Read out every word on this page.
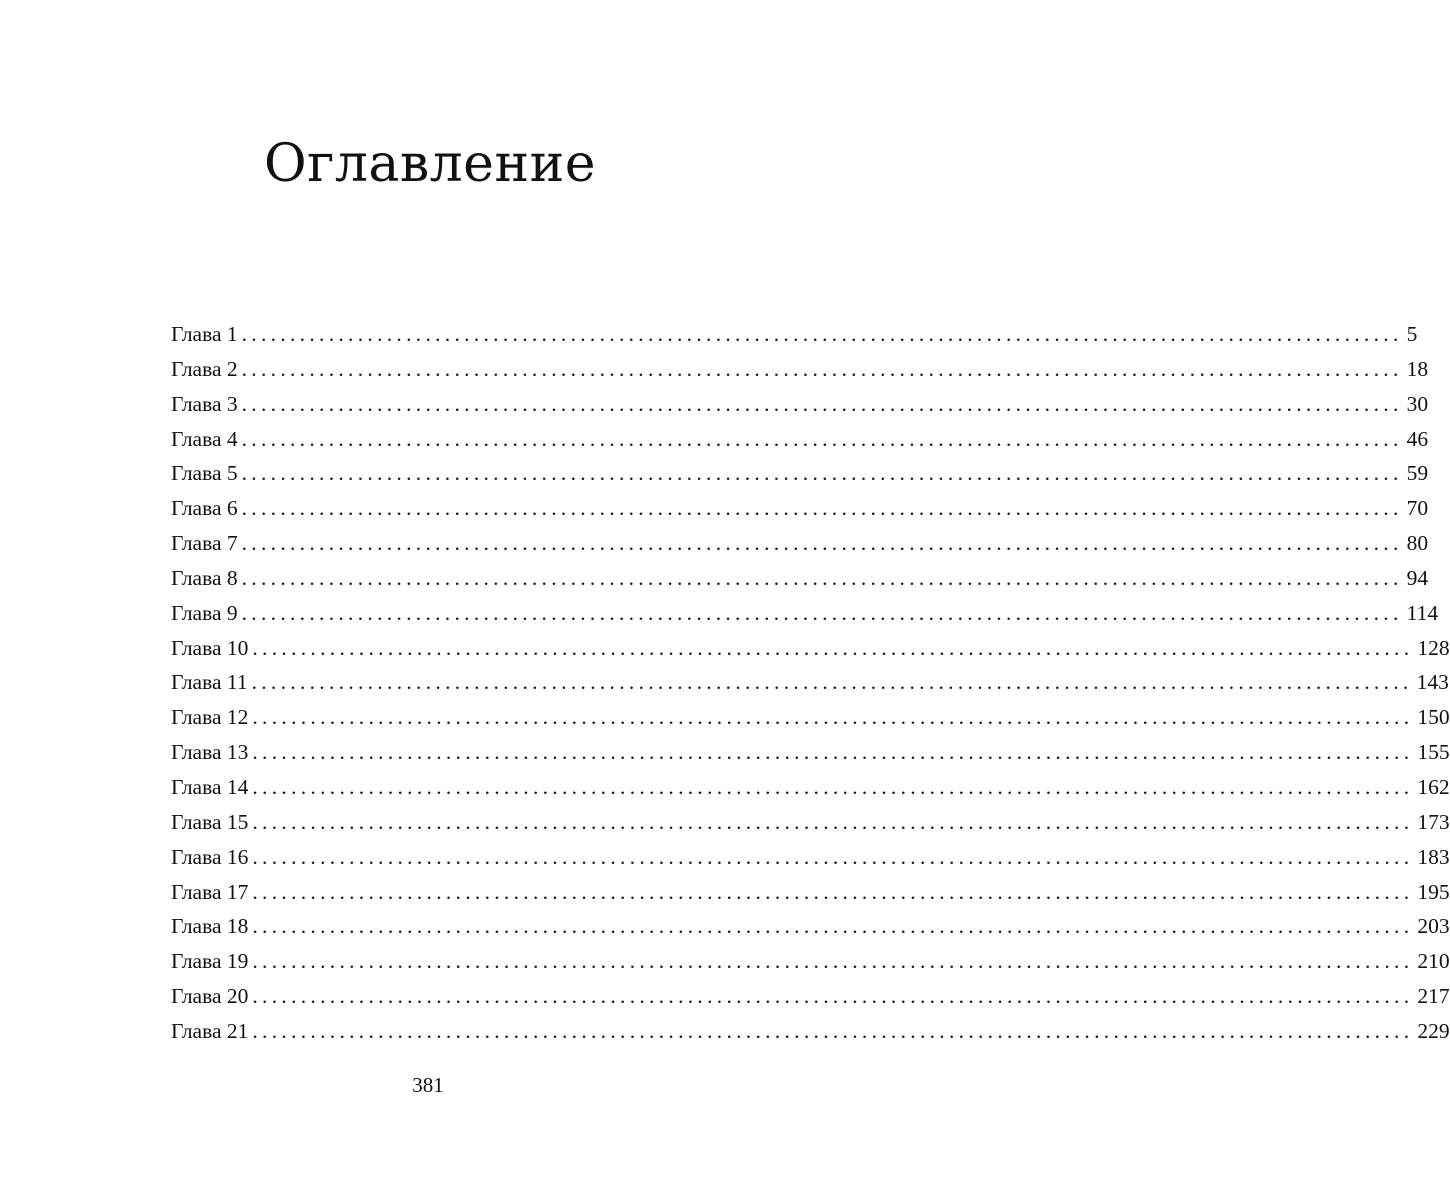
Оглавление
Глава 1 ........................................................................................................................ 5
Глава 2 ........................................................................................................................ 18
Глава 3 ........................................................................................................................ 30
Глава 4 ........................................................................................................................ 46
Глава 5 ........................................................................................................................ 59
Глава 6 ........................................................................................................................ 70
Глава 7 ........................................................................................................................ 80
Глава 8 ........................................................................................................................ 94
Глава 9 ........................................................................................................................ 114
Глава 10 ........................................................................................................................ 128
Глава 11 ........................................................................................................................ 143
Глава 12 ........................................................................................................................ 150
Глава 13 ........................................................................................................................ 155
Глава 14 ........................................................................................................................ 162
Глава 15 ........................................................................................................................ 173
Глава 16 ........................................................................................................................ 183
Глава 17 ........................................................................................................................ 195
Глава 18 ........................................................................................................................ 203
Глава 19 ........................................................................................................................ 210
Глава 20 ........................................................................................................................ 217
Глава 21 ........................................................................................................................ 229
381
